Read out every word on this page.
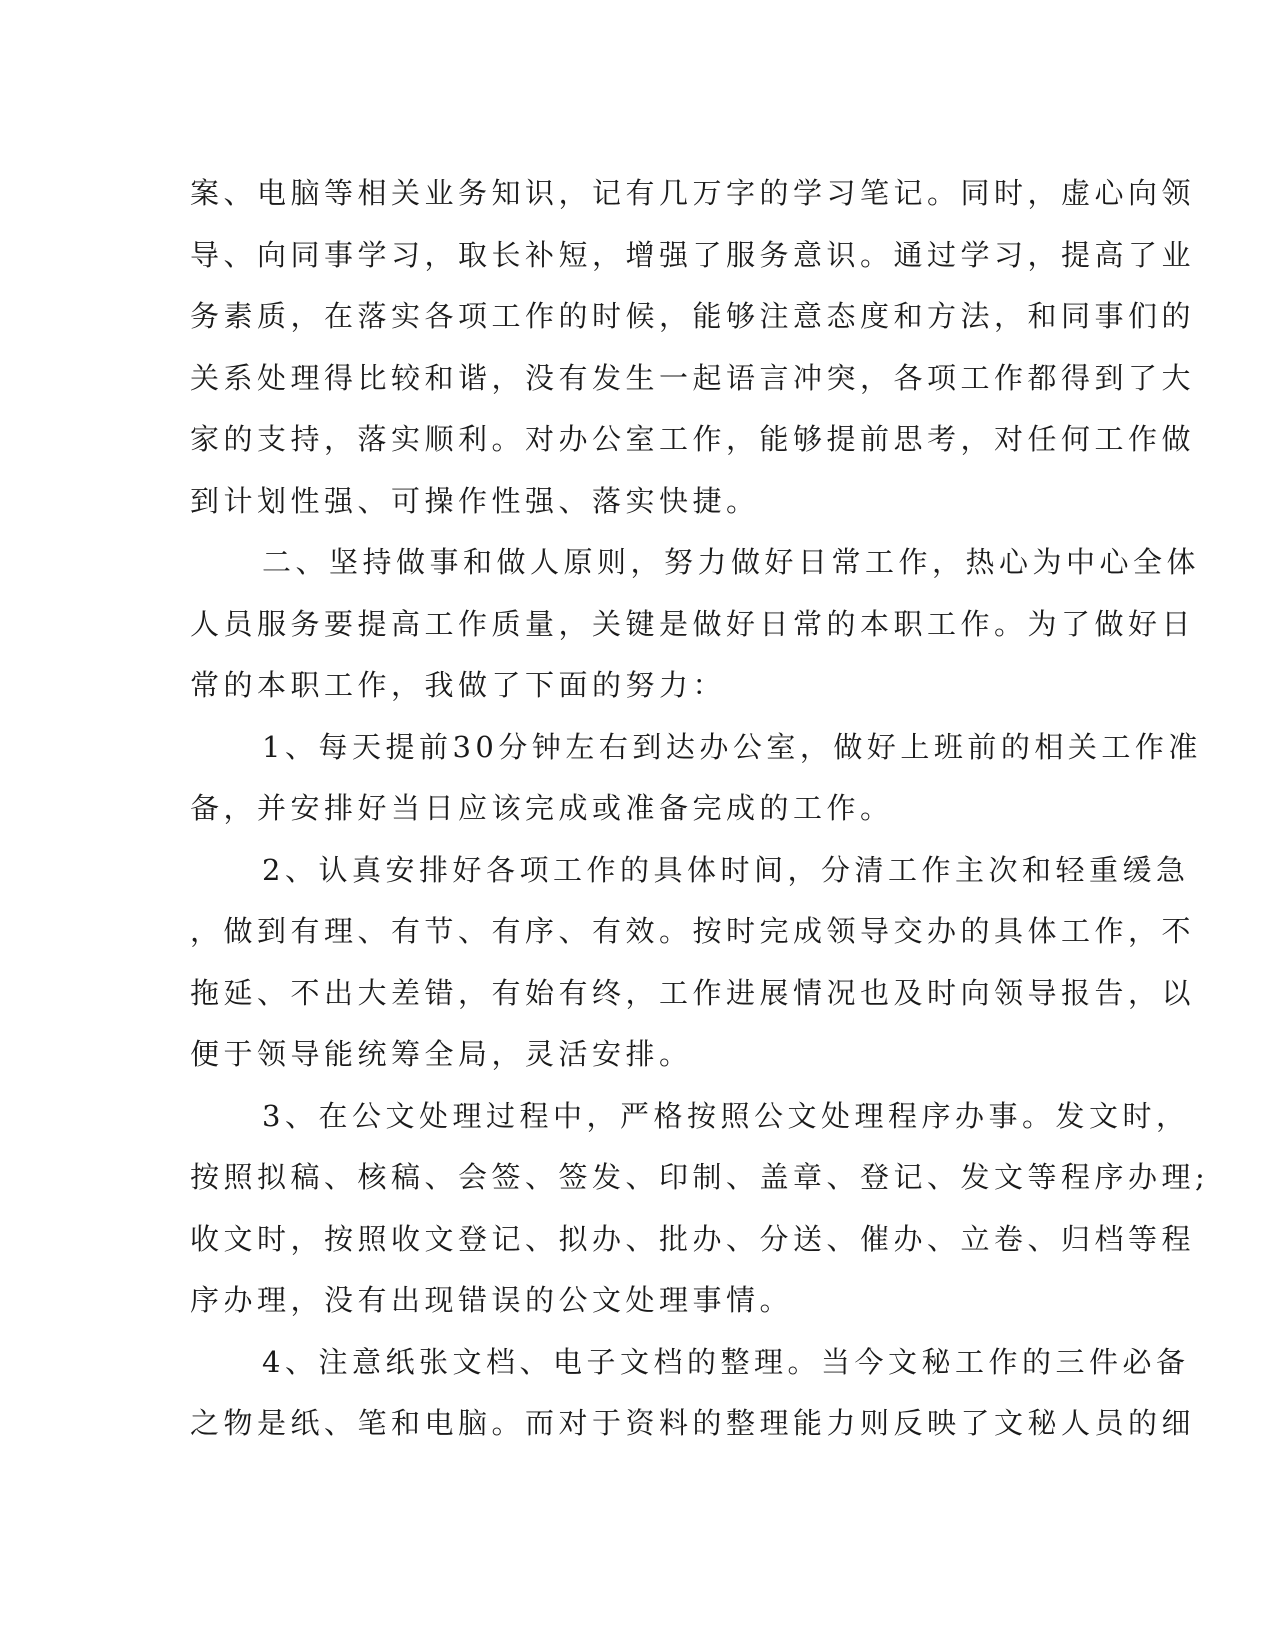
案、电脑等相关业务知识，记有几万字的学习笔记。同时，虚心向领
导、向同事学习，取长补短，增强了服务意识。通过学习，提高了业
务素质，在落实各项工作的时候，能够注意态度和方法，和同事们的
关系处理得比较和谐，没有发生一起语言冲突，各项工作都得到了大
家的支持，落实顺利。对办公室工作，能够提前思考，对任何工作做
到计划性强、可操作性强、落实快捷。
二、坚持做事和做人原则，努力做好日常工作，热心为中心全体
人员服务要提高工作质量，关键是做好日常的本职工作。为了做好日
常的本职工作，我做了下面的努力：
1、每天提前30分钟左右到达办公室，做好上班前的相关工作准
备，并安排好当日应该完成或准备完成的工作。
2、认真安排好各项工作的具体时间，分清工作主次和轻重缓急
，做到有理、有节、有序、有效。按时完成领导交办的具体工作，不
拖延、不出大差错，有始有终，工作进展情况也及时向领导报告，以
便于领导能统筹全局，灵活安排。
3、在公文处理过程中，严格按照公文处理程序办事。发文时，
按照拟稿、核稿、会签、签发、印制、盖章、登记、发文等程序办理;
收文时，按照收文登记、拟办、批办、分送、催办、立卷、归档等程
序办理，没有出现错误的公文处理事情。
4、注意纸张文档、电子文档的整理。当今文秘工作的三件必备
之物是纸、笔和电脑。而对于资料的整理能力则反映了文秘人员的细
